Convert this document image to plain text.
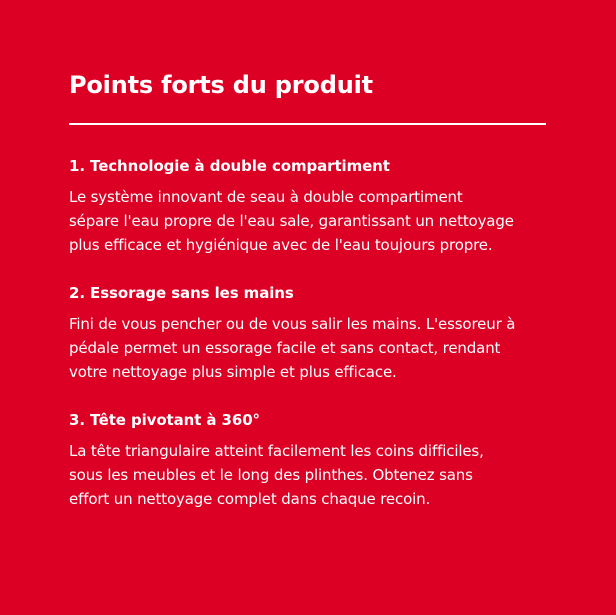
Points forts du produit
1. Technologie à double compartiment

Le système innovant de seau à double compartiment
sépare l'eau propre de l'eau sale, garantissant un nettoyage
plus efficace et hygiénique avec de l'eau toujours propre.

2. Essorage sans les mains

Fini de vous pencher ou de vous salir les mains. L'essoreur à
pédale permet un essorage facile et sans contact, rendant
votre nettoyage plus simple et plus efficace.

3. Tête pivotant à 360°

La tête triangulaire atteint facilement les coins difficiles,
sous les meubles et le long des plinthes. Obtenez sans
effort un nettoyage complet dans chaque recoin.
